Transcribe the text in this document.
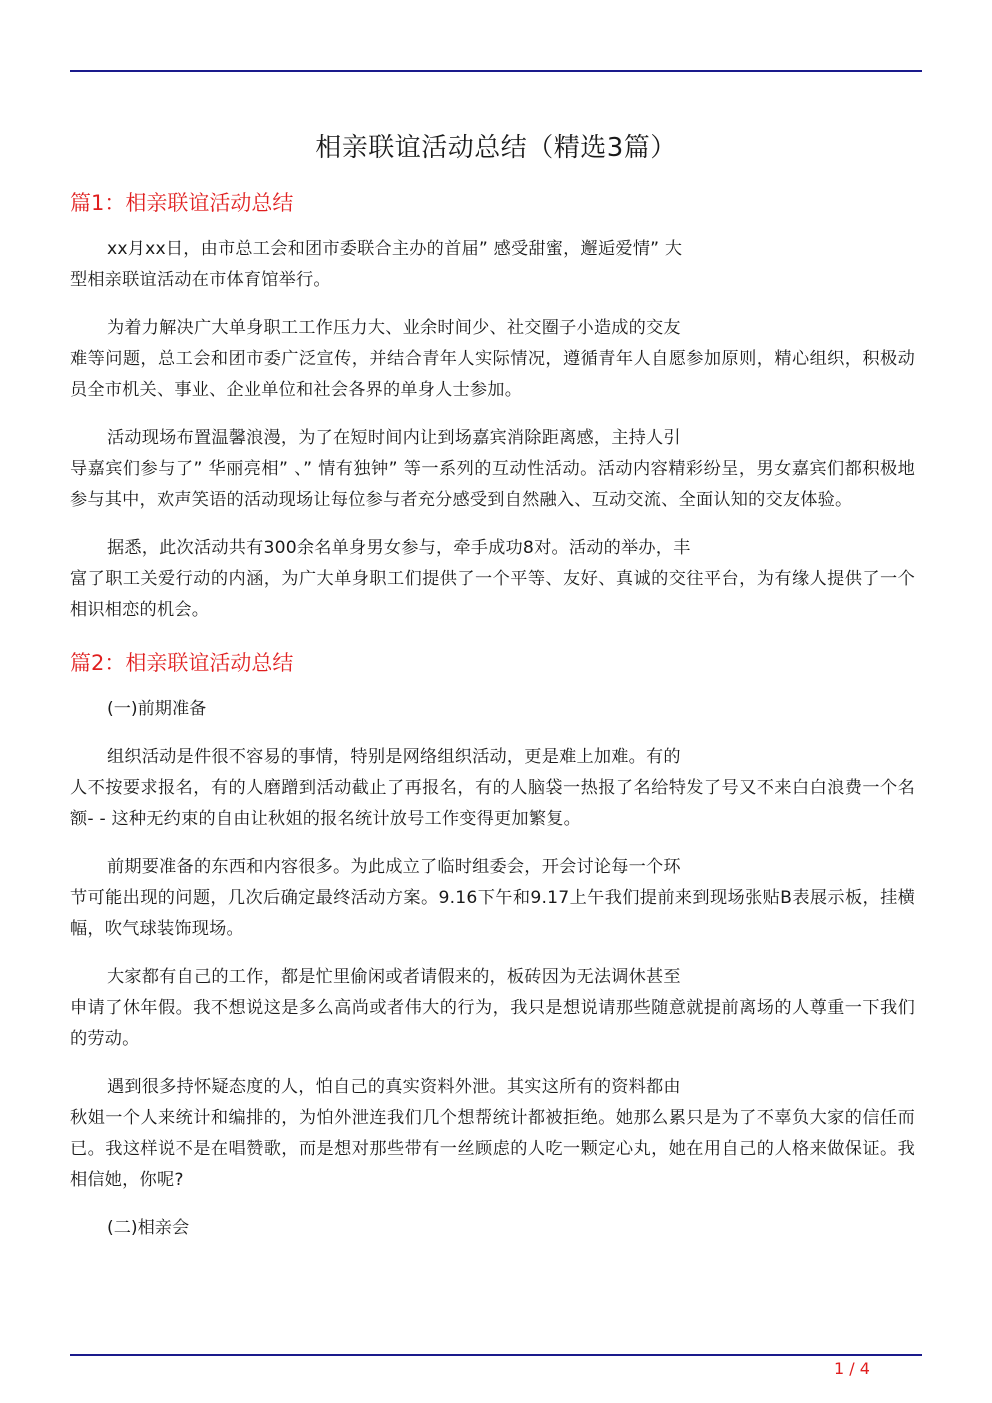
相亲联谊活动总结（精选3篇）
篇1：相亲联谊活动总结

xx月xx日，由市总工会和团市委联合主办的首届” 感受甜蜜，邂逅爱情” 大
型相亲联谊活动在市体育馆举行。

为着力解决广大单身职工工作压力大、业余时间少、社交圈子小造成的交友
难等问题，总工会和团市委广泛宣传，并结合青年人实际情况，遵循青年人自愿参加原则，精心组织，积极动员全市机关、事业、企业单位和社会各界的单身人士参加。

活动现场布置温馨浪漫，为了在短时间内让到场嘉宾消除距离感，主持人引
导嘉宾们参与了” 华丽亮相” 、” 情有独钟” 等一系列的互动性活动。活动内容精彩纷呈，男女嘉宾们都积极地参与其中，欢声笑语的活动现场让每位参与者充分感受到自然融入、互动交流、全面认知的交友体验。

据悉，此次活动共有300余名单身男女参与，牵手成功8对。活动的举办，丰
富了职工关爱行动的内涵，为广大单身职工们提供了一个平等、友好、真诚的交往平台，为有缘人提供了一个相识相恋的机会。

篇2：相亲联谊活动总结

(一)前期准备

组织活动是件很不容易的事情，特别是网络组织活动，更是难上加难。有的
人不按要求报名，有的人磨蹭到活动截止了再报名，有的人脑袋一热报了名给特发了号又不来白白浪费一个名额- - 这种无约束的自由让秋姐的报名统计放号工作变得更加繁复。

前期要准备的东西和内容很多。为此成立了临时组委会，开会讨论每一个环
节可能出现的问题，几次后确定最终活动方案。9.16下午和9.17上午我们提前来到现场张贴B表展示板，挂横幅，吹气球装饰现场。

大家都有自己的工作，都是忙里偷闲或者请假来的，板砖因为无法调休甚至
申请了休年假。我不想说这是多么高尚或者伟大的行为，我只是想说请那些随意就提前离场的人尊重一下我们的劳动。

遇到很多持怀疑态度的人，怕自己的真实资料外泄。其实这所有的资料都由
秋姐一个人来统计和编排的，为怕外泄连我们几个想帮统计都被拒绝。她那么累只是为了不辜负大家的信任而已。我这样说不是在唱赞歌，而是想对那些带有一丝顾虑的人吃一颗定心丸，她在用自己的人格来做保证。我相信她，你呢?

(二)相亲会

1 / 4
